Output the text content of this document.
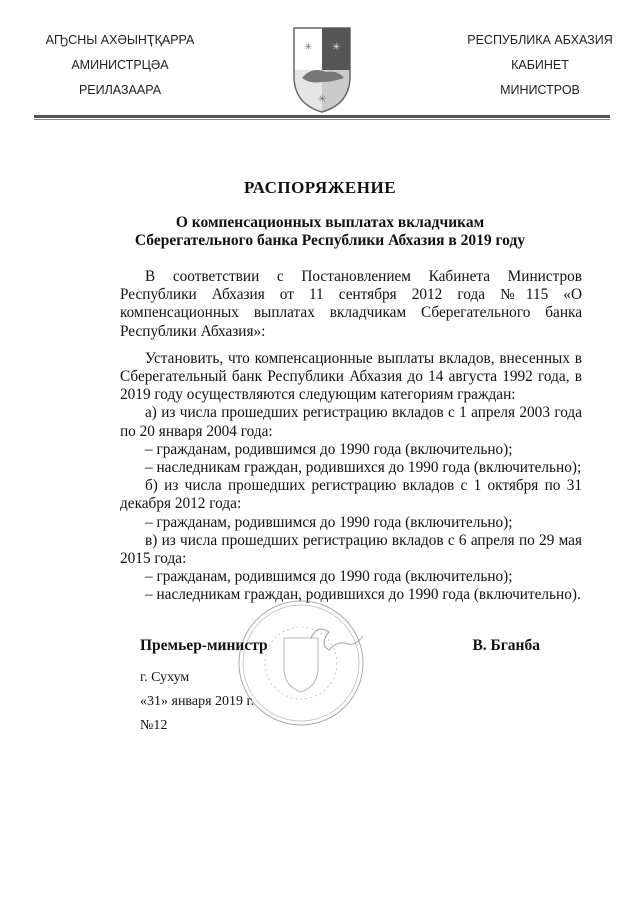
АҦСНЫ АХӘЫНҬҚАРРА
АМИНИСТРЦӘА
РЕИЛАЗААРА
✳ ✳
✳
РЕСПУБЛИКА АБХАЗИЯ
КАБИНЕТ
МИНИСТРОВ
РАСПОРЯЖЕНИЕ
О компенсационных выплатах вкладчикам
Сберегательного банка Республики Абхазия в 2019 году

В соответствии с Постановлением Кабинета Министров Республики Абхазия от 11 сентября 2012 года №115 «О компенсационных выплатах вкладчикам Сберегательного банка Республики Абхазия»:

Установить, что компенсационные выплаты вкладов, внесенных в Сберегательный банк Республики Абхазия до 14 августа 1992 года, в 2019 году осуществляются следующим категориям граждан:

а) из числа прошедших регистрацию вкладов с 1 апреля 2003 года по 20 января 2004 года:

– гражданам, родившимся до 1990 года (включительно);

– наследникам граждан, родившихся до 1990 года (включительно);

б) из числа прошедших регистрацию вкладов с 1 октября по 31 декабря 2012 года:

– гражданам, родившимся до 1990 года (включительно);

в) из числа прошедших регистрацию вкладов с 6 апреля по 29 мая 2015 года:

– гражданам, родившимся до 1990 года (включительно);

– наследникам граждан, родившихся до 1990 года (включительно).

Премьер-министр	В. Бганба
г. Сухум
«31» января 2019 г.
№12
